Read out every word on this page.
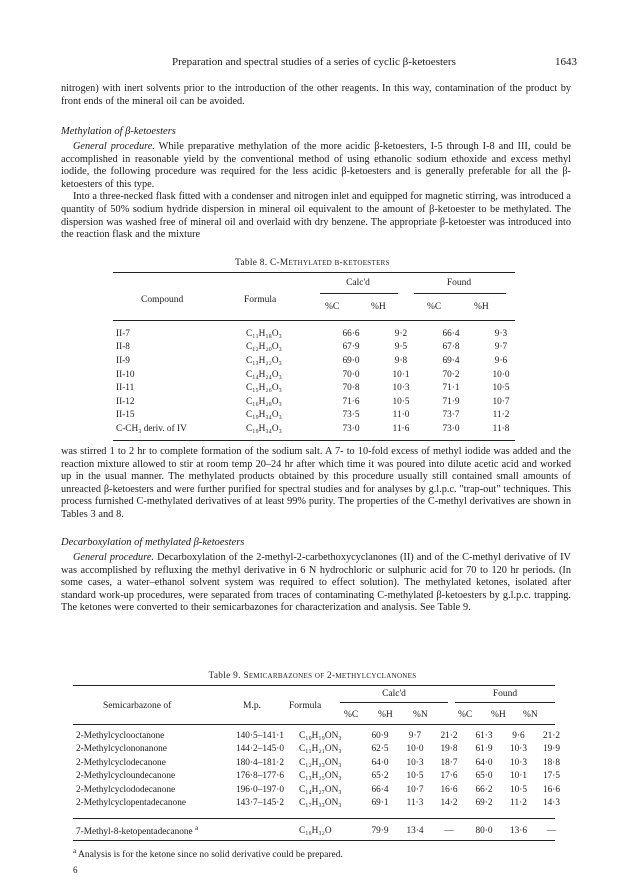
Preparation and spectral studies of a series of cyclic β-ketoesters	1643

nitrogen) with inert solvents prior to the introduction of the other reagents. In this way, contamination of the product by front ends of the mineral oil can be avoided.

Methylation of β-ketoesters

General procedure. While preparative methylation of the more acidic β-ketoesters, I-5 through I-8 and III, could be accomplished in reasonable yield by the conventional method of using ethanolic sodium ethoxide and excess methyl iodide, the following procedure was required for the less acidic β-ketoesters and is generally preferable for all the β-ketoesters of this type.

Into a three-necked flask fitted with a condenser and nitrogen inlet and equipped for magnetic stirring, was introduced a quantity of 50% sodium hydride dispersion in mineral oil equivalent to the amount of β-ketoester to be methylated. The dispersion was washed free of mineral oil and overlaid with dry benzene. The appropriate β-ketoester was introduced into the reaction flask and the mixture

Table 8. C-Methylated β-ketoesters
Compound	Formula
Calc'd	Found
%C	%H	%C	%H
II-7	C₁₁H₁₈O₃	66·6	9·2	66·4	9·3
II-8	C₁₂H₂₀O₃	67·9	9·5	67·8	9·7
II-9	C₁₃H₂₂O₃	69·0	9·8	69·4	9·6
II-10	C₁₄H₂₄O₃	70·0	10·1	70·2	10·0
II-11	C₁₅H₂₆O₃	70·8	10·3	71·1	10·5
II-12	C₁₆H₂₈O₃	71·6	10·5	71·9	10·7
II-15	C₁₉H₃₄O₃	73·5	11·0	73·7	11·2
C-CH₃ deriv. of IV	C₁₉H₃₄O₃	73·0	11·6	73·0	11·8

was stirred 1 to 2 hr to complete formation of the sodium salt. A 7- to 10-fold excess of methyl iodide was added and the reaction mixture allowed to stir at room temp 20–24 hr after which time it was poured into dilute acetic acid and worked up in the usual manner. The methylated products obtained by this procedure usually still contained small amounts of unreacted β-ketoesters and were further purified for spectral studies and for analyses by g.l.p.c. "trap-out" techniques. This process furnished C-methylated derivatives of at least 99% purity. The properties of the C-methyl derivatives are shown in Tables 3 and 8.

Decarboxylation of methylated β-ketoesters

General procedure. Decarboxylation of the 2-methyl-2-carbethoxycyclanones (II) and of the C-methyl derivative of IV was accomplished by refluxing the methyl derivative in 6 N hydrochloric or sulphuric acid for 70 to 120 hr periods. (In some cases, a water–ethanol solvent system was required to effect solution). The methylated ketones, isolated after standard work-up procedures, were separated from traces of contaminating C-methylated β-ketoesters by g.l.p.c. trapping. The ketones were converted to their semicarbazones for characterization and analysis. See Table 9.

Table 9. Semicarbazones of 2-methylcyclanones
Semicarbazone of	M.p.	Formula
Calc'd	Found
%C %H %N	%C %H %N
2-Methylcyclooctanone	140·5–141·1	C₁₀H₁₉ON₃	60·9	9·7	21·2	61·3	9·6	21·2
2-Methylcyclononanone	144·2–145·0	C₁₁H₂₁ON₃	62·5	10·0	19·8	61·9	10·3	19·9
2-Methylcyclodecanone	180·4–181·2	C₁₂H₂₃ON₃	64·0	10·3	18·7	64·0	10·3	18·8
2-Methylcycloundecanone	176·8–177·6	C₁₃H₂₅ON₃	65·2	10·5	17·6	65·0	10·1	17·5
2-Methylcyclododecanone	196·0–197·0	C₁₄H₂₇ON₃	66·4	10·7	16·6	66·2	10·5	16·6
2-Methylcyclopentadecanone	143·7–145·2	C₁₇H₃₃ON₃	69·1	11·3	14·2	69·2	11·2	14·3
7-Methyl-8-ketopentadecanone $^a$		C₁₆H₃₂O	79·9	13·4	—	80·0	13·6	—
$^a$ Analysis is for the ketone since no solid derivative could be prepared.
6
